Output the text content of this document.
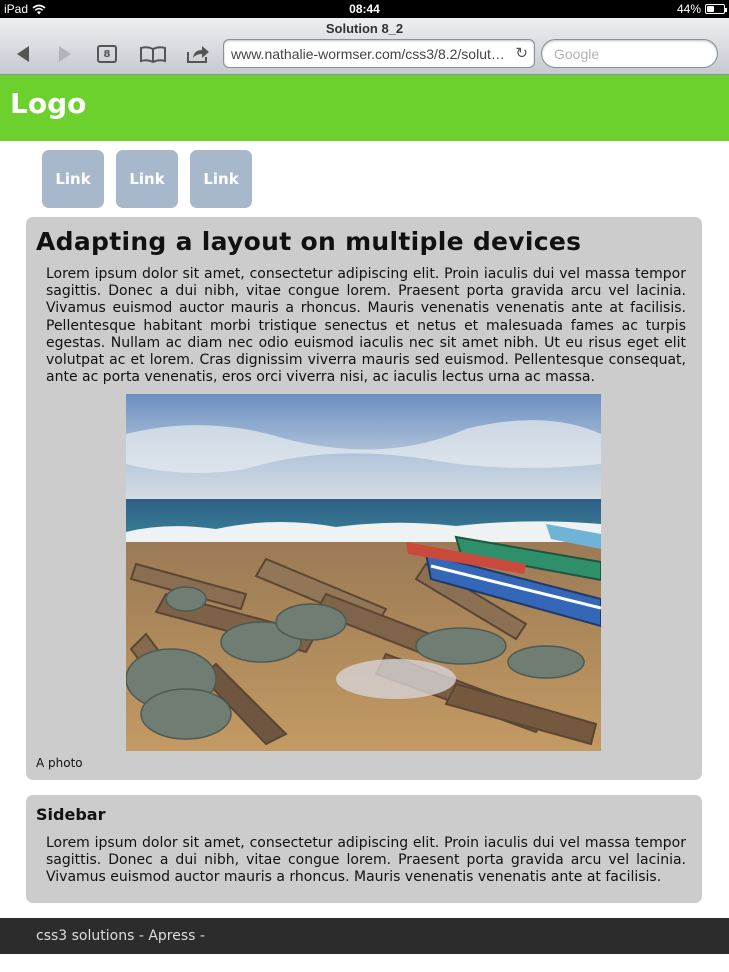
iPad	08:44	44%
Solution 8_2
8	www.nathalie-wormser.com/css3/8.2/solut… ↻
Google
Logo
Link	Link	Link
Adapting a layout on multiple devices

Lorem ipsum dolor sit amet, consectetur adipiscing elit. Proin iaculis dui vel massa tempor sagittis. Donec a dui nibh, vitae congue lorem. Praesent porta gravida arcu vel lacinia. Vivamus euismod auctor mauris a rhoncus. Mauris venenatis venenatis ante at facilisis. Pellentesque habitant morbi tristique senectus et netus et malesuada fames ac turpis egestas. Nullam ac diam nec odio euismod iaculis nec sit amet nibh. Ut eu risus eget elit volutpat ac et lorem. Cras dignissim viverra mauris sed euismod. Pellentesque consequat, ante ac porta venenatis, eros orci viverra nisi, ac iaculis lectus urna ac massa.

A photo
Sidebar

Lorem ipsum dolor sit amet, consectetur adipiscing elit. Proin iaculis dui vel massa tempor sagittis. Donec a dui nibh, vitae congue lorem. Praesent porta gravida arcu vel lacinia. Vivamus euismod auctor mauris a rhoncus. Mauris venenatis venenatis ante at facilisis.

css3 solutions - Apress -
